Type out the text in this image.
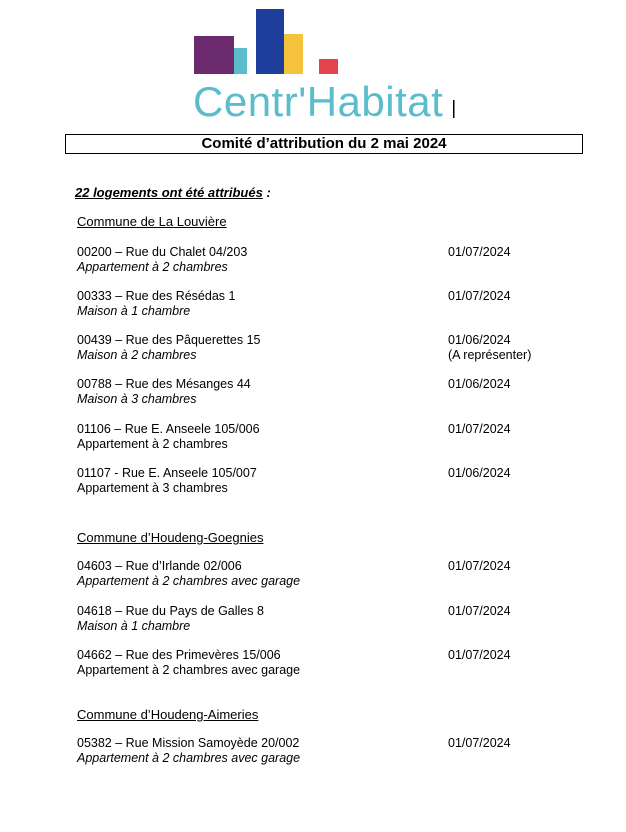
Centr'Habitat
Comité d’attribution du 2 mai 2024
22 logements ont été attribués :
Commune de La Louvière
00200 – Rue du Chalet 04/203
Appartement à 2 chambres
01/07/2024
00333 – Rue des Résédas 1
Maison à 1 chambre
01/07/2024
00439 – Rue des Pâquerettes 15
Maison à 2 chambres
01/06/2024
(A représenter)
00788 – Rue des Mésanges 44
Maison à 3 chambres
01/06/2024
01106 – Rue E. Anseele 105/006
Appartement à 2 chambres
01/07/2024
01107 - Rue E. Anseele 105/007
Appartement à 3 chambres
01/06/2024
Commune d’Houdeng-Goegnies
04603 – Rue d’Irlande 02/006
Appartement à 2 chambres avec garage
01/07/2024
04618 – Rue du Pays de Galles 8
Maison à 1 chambre
01/07/2024
04662 – Rue des Primevères 15/006
Appartement à 2 chambres avec garage
01/07/2024
Commune d’Houdeng-Aimeries
05382 – Rue Mission Samoyède 20/002
Appartement à 2 chambres avec garage
01/07/2024
